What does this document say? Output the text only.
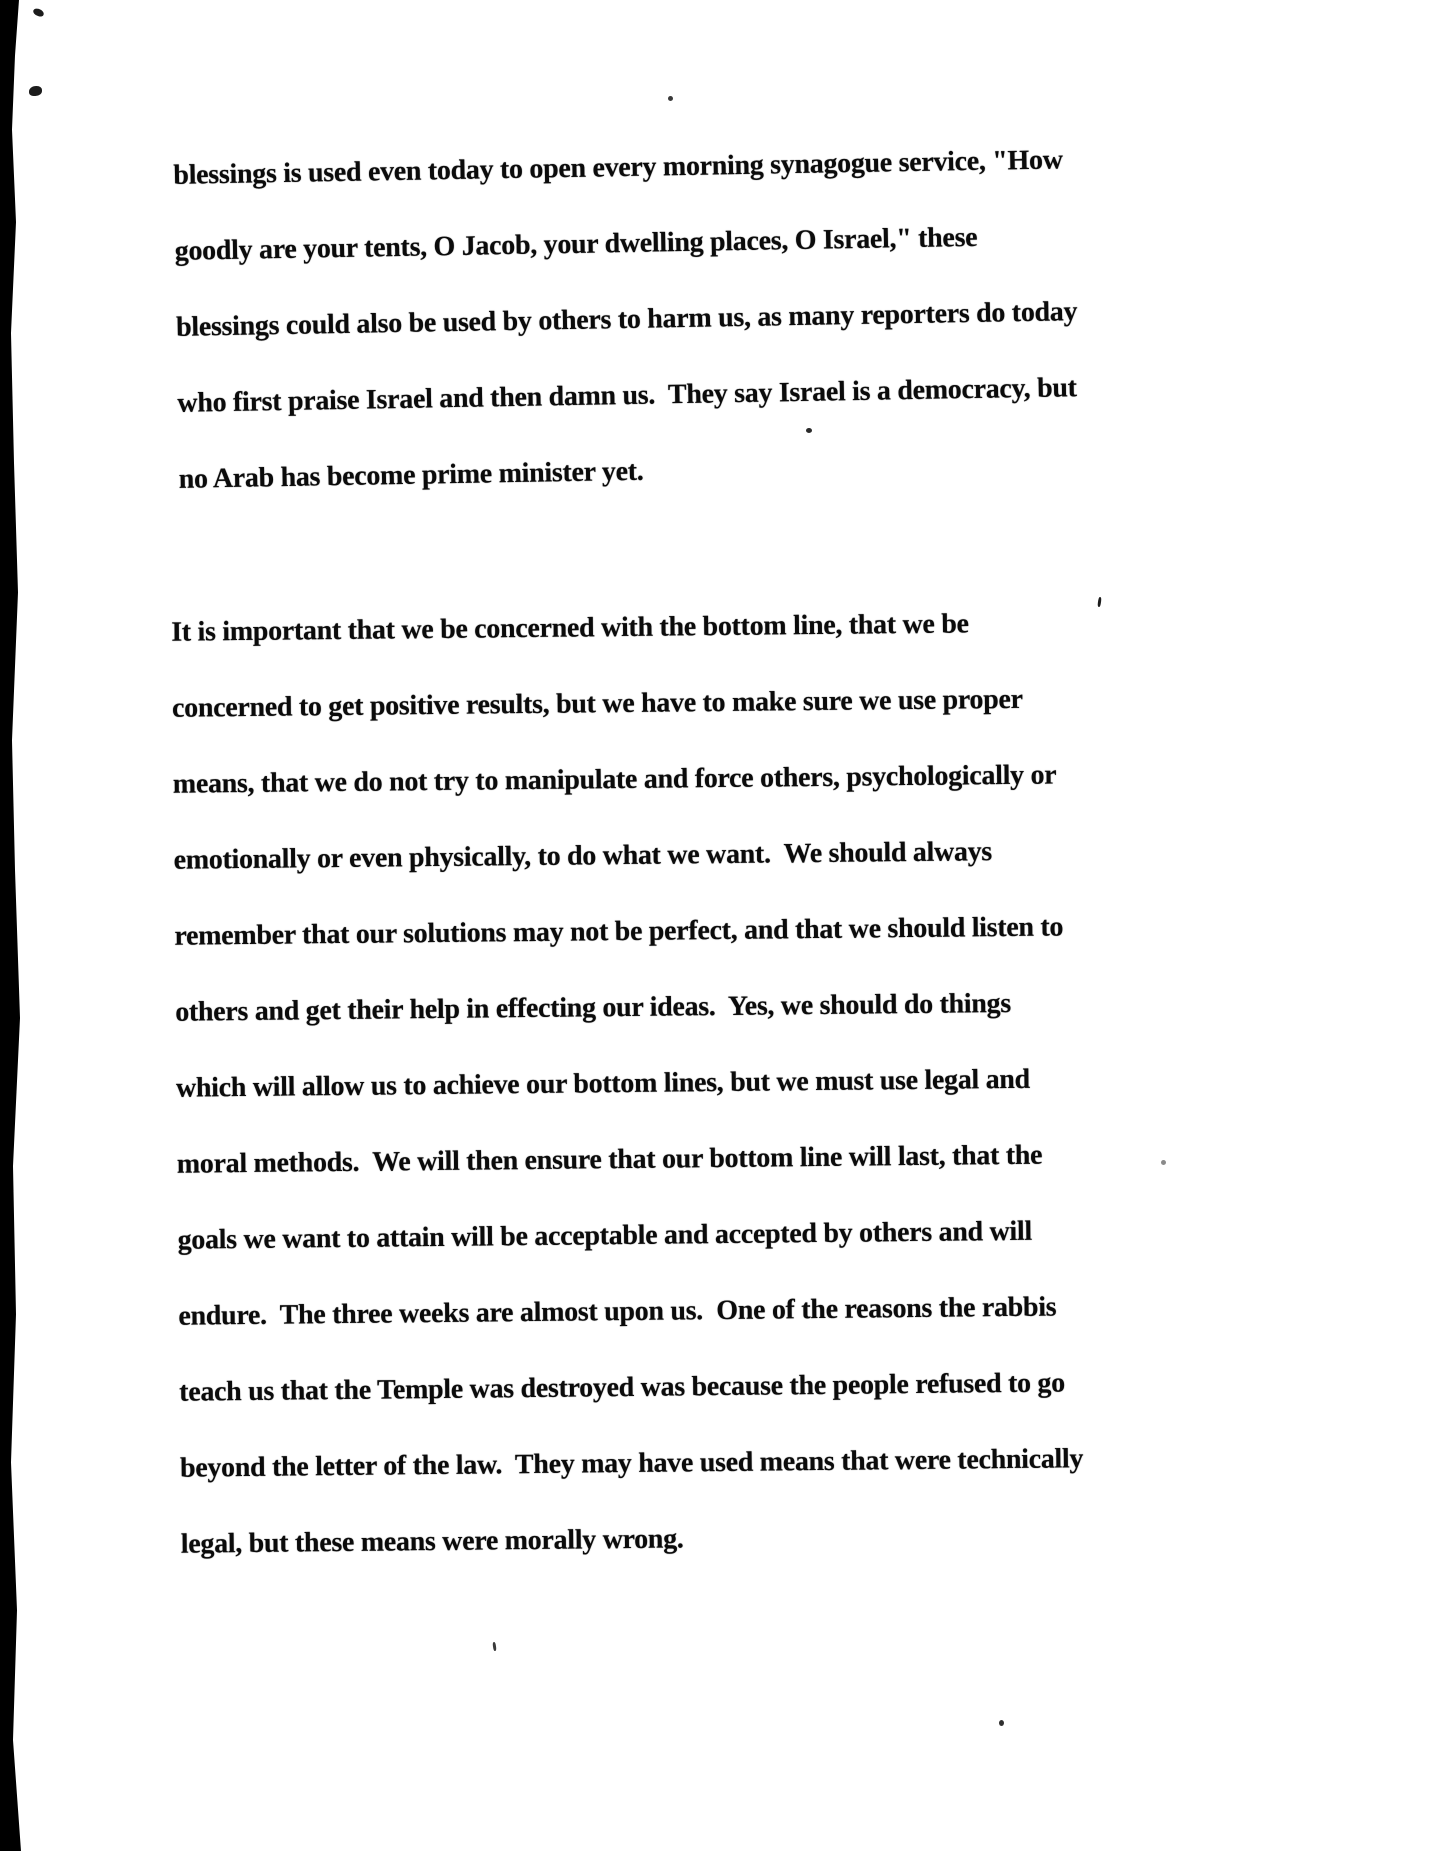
blessings is used even today to open every morning synagogue service, "How
goodly are your tents, O Jacob, your dwelling places, O Israel," these
blessings could also be used by others to harm us, as many reporters do today
who first praise Israel and then damn us.  They say Israel is a democracy, but
no Arab has become prime minister yet.
It is important that we be concerned with the bottom line, that we be
concerned to get positive results, but we have to make sure we use proper
means, that we do not try to manipulate and force others, psychologically or
emotionally or even physically, to do what we want.  We should always
remember that our solutions may not be perfect, and that we should listen to
others and get their help in effecting our ideas.  Yes, we should do things
which will allow us to achieve our bottom lines, but we must use legal and
moral methods.  We will then ensure that our bottom line will last, that the
goals we want to attain will be acceptable and accepted by others and will
endure.  The three weeks are almost upon us.  One of the reasons the rabbis
teach us that the Temple was destroyed was because the people refused to go
beyond the letter of the law.  They may have used means that were technically
legal, but these means were morally wrong.
